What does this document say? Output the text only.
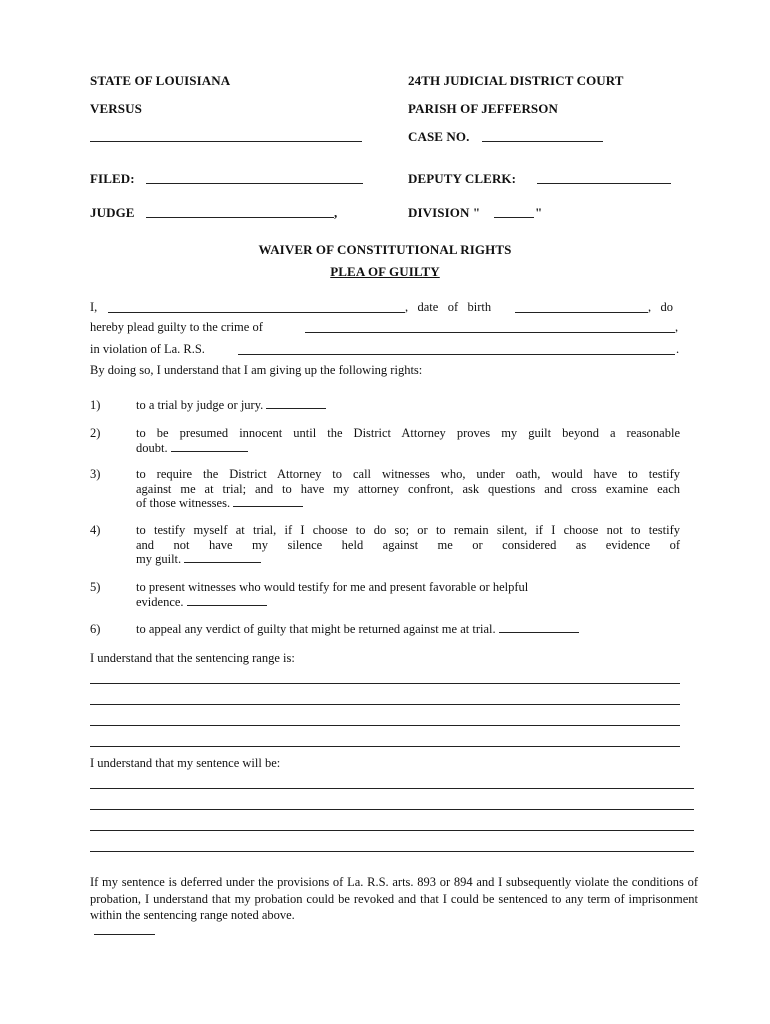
STATE OF LOUISIANA	24TH JUDICIAL DISTRICT COURT
VERSUS	PARISH OF JEFFERSON
CASE NO.
FILED:	DEPUTY CLERK:
JUDGE	,	DIVISION "	"
WAIVER OF CONSTITUTIONAL RIGHTS
PLEA OF GUILTY
I,	,   date   of   birth	,   do
hereby plead guilty to the crime of	,
in violation of La. R.S.	.
By doing so, I understand that I am giving up the following rights:
1)	to a trial by judge or jury.
2)	to be presumed innocent until the District Attorney proves my guilt beyond a reasonable
doubt.
3)	to require the District Attorney to call witnesses who, under oath, would have to testify
against me at trial; and to have my attorney confront, ask questions and cross examine each
of those witnesses.
4)	to testify myself at trial, if I choose to do so; or to remain silent, if I choose not to testify
and not have my silence held against me or considered as evidence of
my guilt.
5)	to present witnesses who would testify for me and present favorable or helpful
evidence.
6)	to appeal any verdict of guilty that might be returned against me at trial.
I understand that the sentencing range is:
I understand that my sentence will be:
If my sentence is deferred under the provisions of La. R.S. arts. 893 or 894 and I subsequently violate the conditions of probation, I understand that my probation could be revoked and that I could be sentenced to any term of imprisonment within the sentencing range noted above.
